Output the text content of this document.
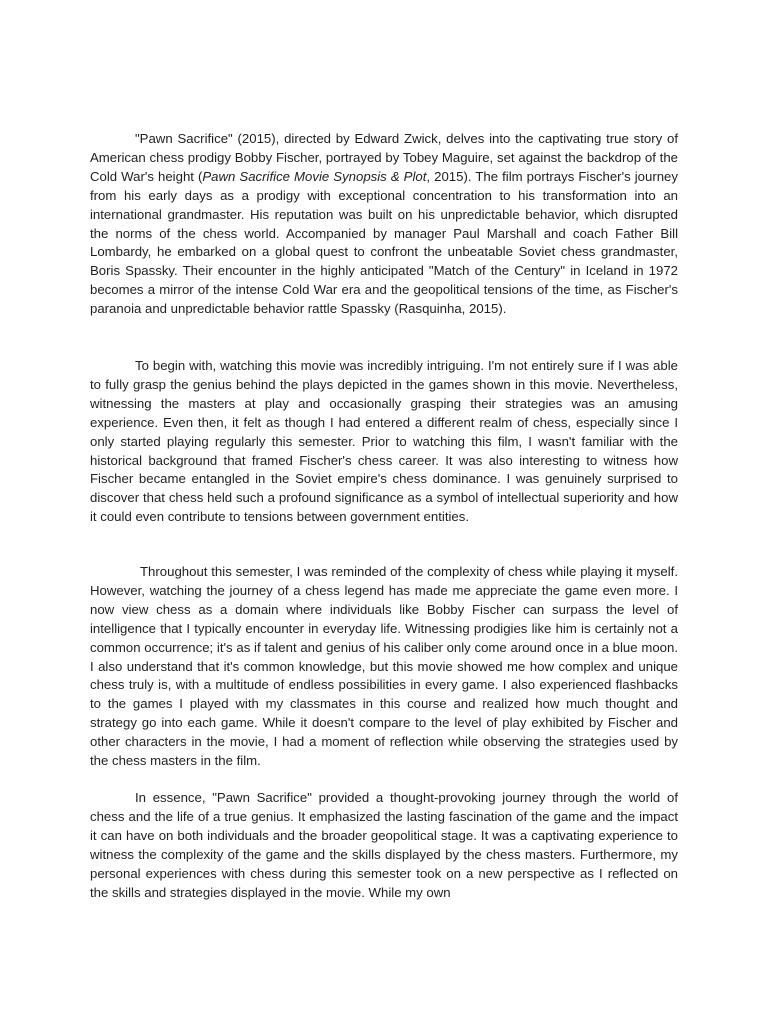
"Pawn Sacrifice" (2015), directed by Edward Zwick, delves into the captivating true story of American chess prodigy Bobby Fischer, portrayed by Tobey Maguire, set against the backdrop of the Cold War's height (Pawn Sacrifice Movie Synopsis & Plot, 2015). The film portrays Fischer's journey from his early days as a prodigy with exceptional concentration to his transformation into an international grandmaster. His reputation was built on his unpredictable behavior, which disrupted the norms of the chess world. Accompanied by manager Paul Marshall and coach Father Bill Lombardy, he embarked on a global quest to confront the unbeatable Soviet chess grandmaster, Boris Spassky. Their encounter in the highly anticipated "Match of the Century" in Iceland in 1972 becomes a mirror of the intense Cold War era and the geopolitical tensions of the time, as Fischer's paranoia and unpredictable behavior rattle Spassky (Rasquinha, 2015).

To begin with, watching this movie was incredibly intriguing. I'm not entirely sure if I was able to fully grasp the genius behind the plays depicted in the games shown in this movie. Nevertheless, witnessing the masters at play and occasionally grasping their strategies was an amusing experience. Even then, it felt as though I had entered a different realm of chess, especially since I only started playing regularly this semester. Prior to watching this film, I wasn't familiar with the historical background that framed Fischer's chess career. It was also interesting to witness how Fischer became entangled in the Soviet empire's chess dominance. I was genuinely surprised to discover that chess held such a profound significance as a symbol of intellectual superiority and how it could even contribute to tensions between government entities.

Throughout this semester, I was reminded of the complexity of chess while playing it myself. However, watching the journey of a chess legend has made me appreciate the game even more. I now view chess as a domain where individuals like Bobby Fischer can surpass the level of intelligence that I typically encounter in everyday life. Witnessing prodigies like him is certainly not a common occurrence; it's as if talent and genius of his caliber only come around once in a blue moon. I also understand that it's common knowledge, but this movie showed me how complex and unique chess truly is, with a multitude of endless possibilities in every game. I also experienced flashbacks to the games I played with my classmates in this course and realized how much thought and strategy go into each game. While it doesn't compare to the level of play exhibited by Fischer and other characters in the movie, I had a moment of reflection while observing the strategies used by the chess masters in the film.

In essence, "Pawn Sacrifice" provided a thought-provoking journey through the world of chess and the life of a true genius. It emphasized the lasting fascination of the game and the impact it can have on both individuals and the broader geopolitical stage. It was a captivating experience to witness the complexity of the game and the skills displayed by the chess masters. Furthermore, my personal experiences with chess during this semester took on a new perspective as I reflected on the skills and strategies displayed in the movie. While my own
